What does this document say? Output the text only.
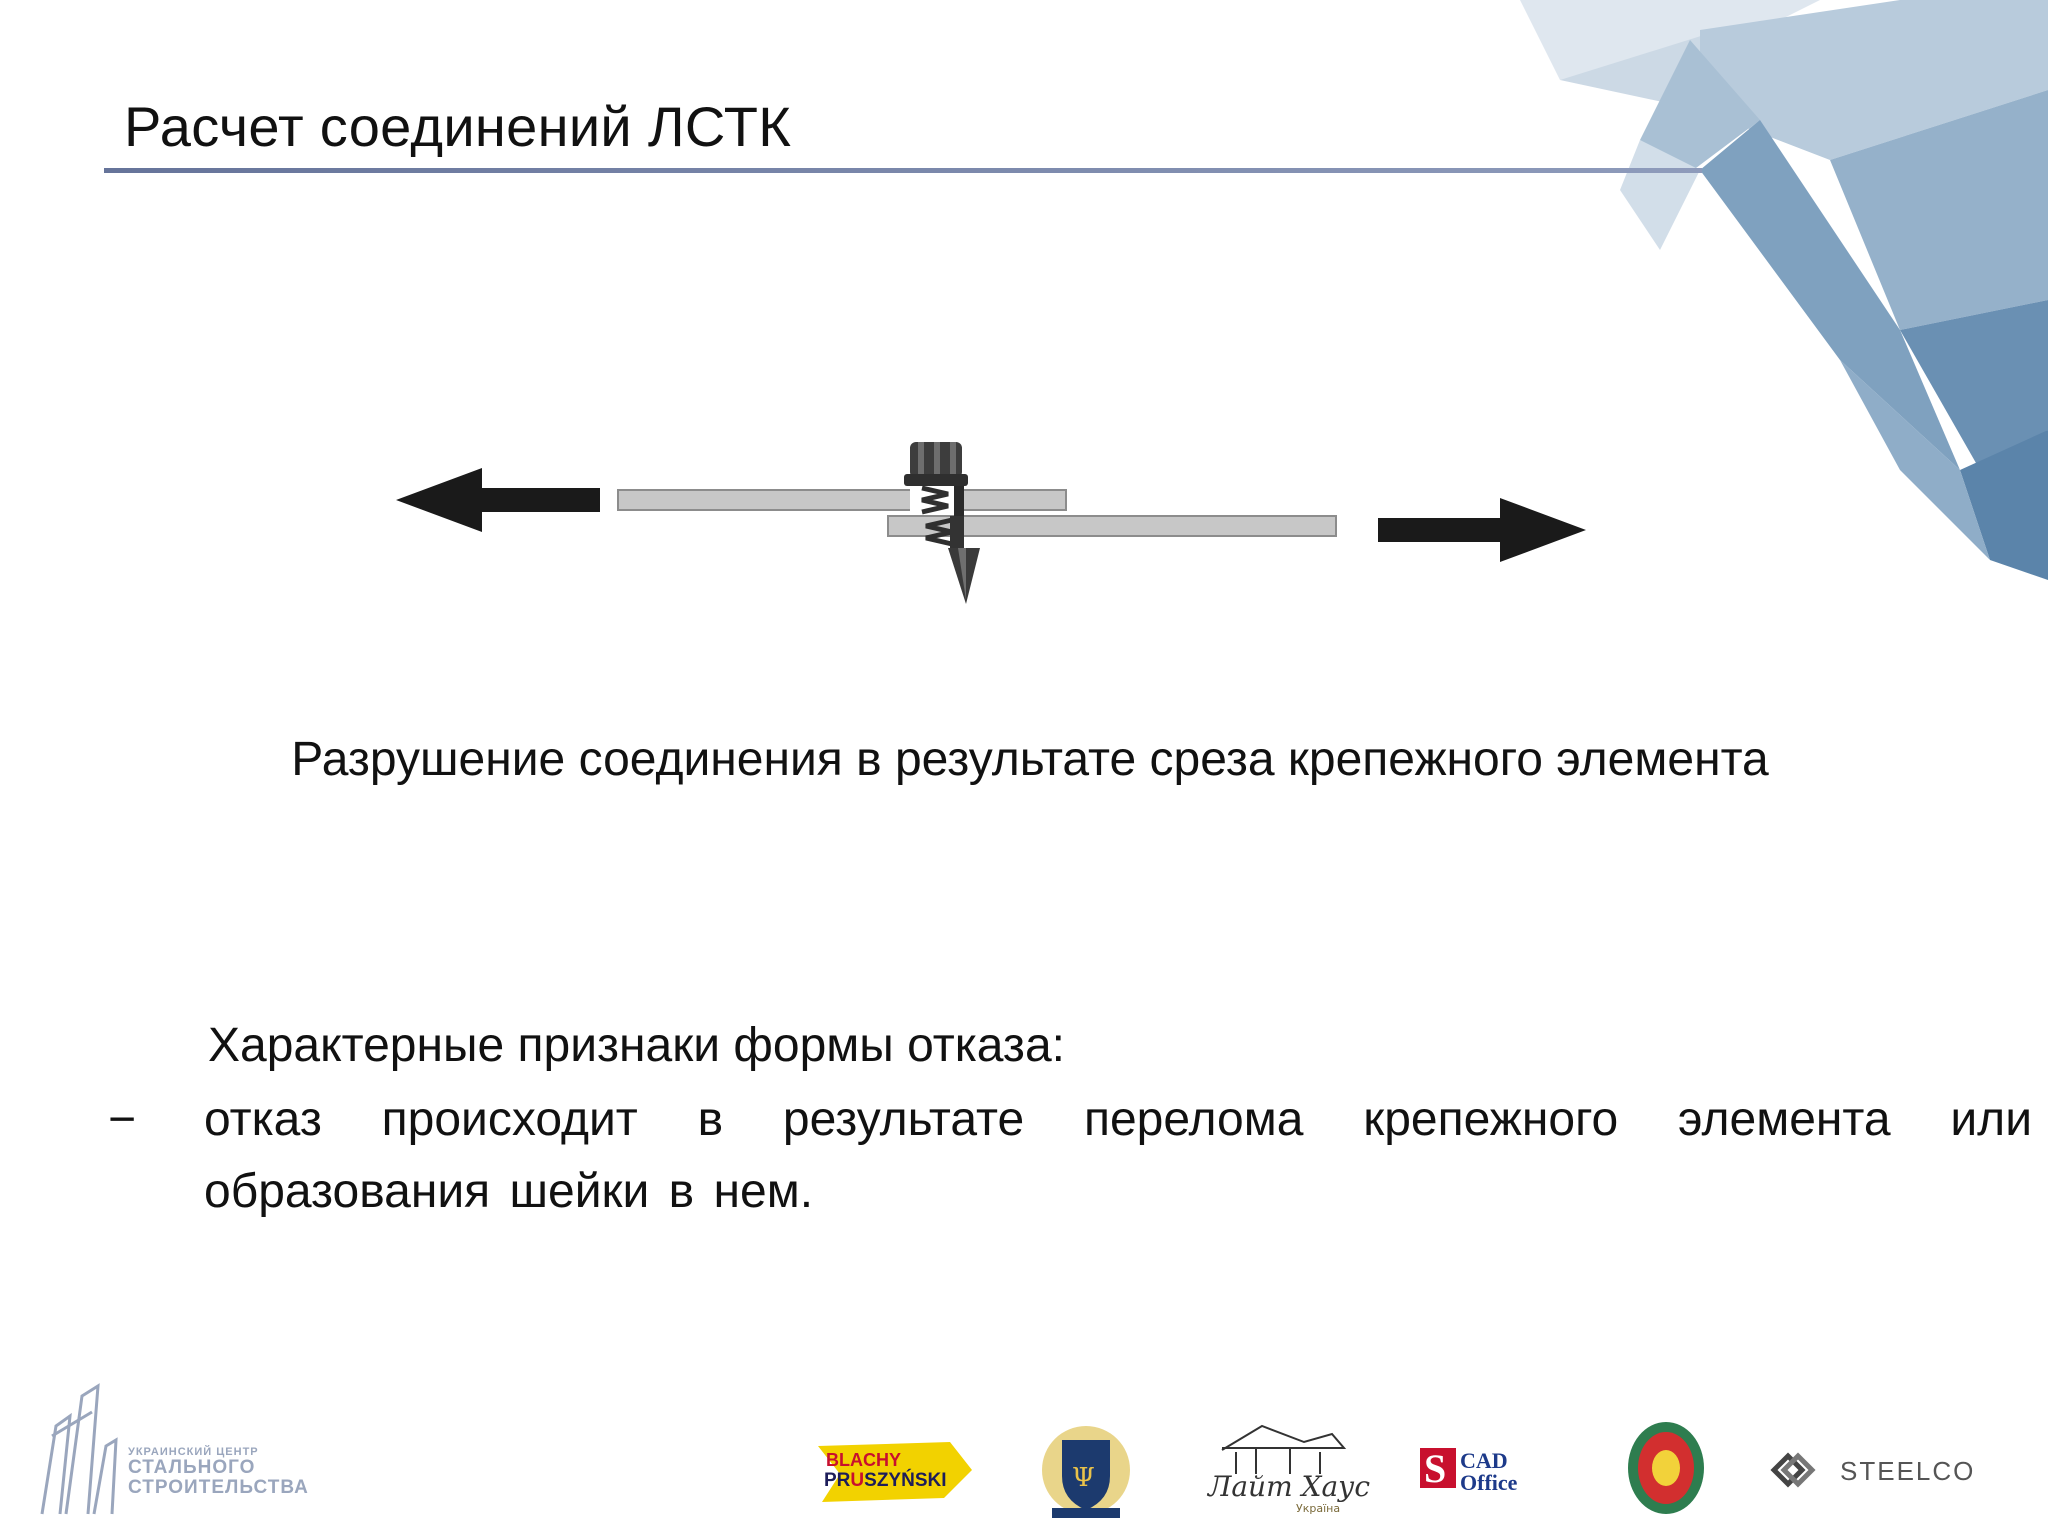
Расчет соединений ЛСТК

Разрушение соединения в результате среза крепежного элемента

Характерные признаки формы отказа:

− отказ происходит в результате перелома крепежного элемента или образования шейки в нем.

УКРАИНСКИЙ ЦЕНТР
СТАЛЬНОГО
СТРОИТЕЛЬСТВА
BLACHY
PRUSZYŃSKI	Ψ	Лайт Хаус
Україна
S CAD
Office	STEELCO
